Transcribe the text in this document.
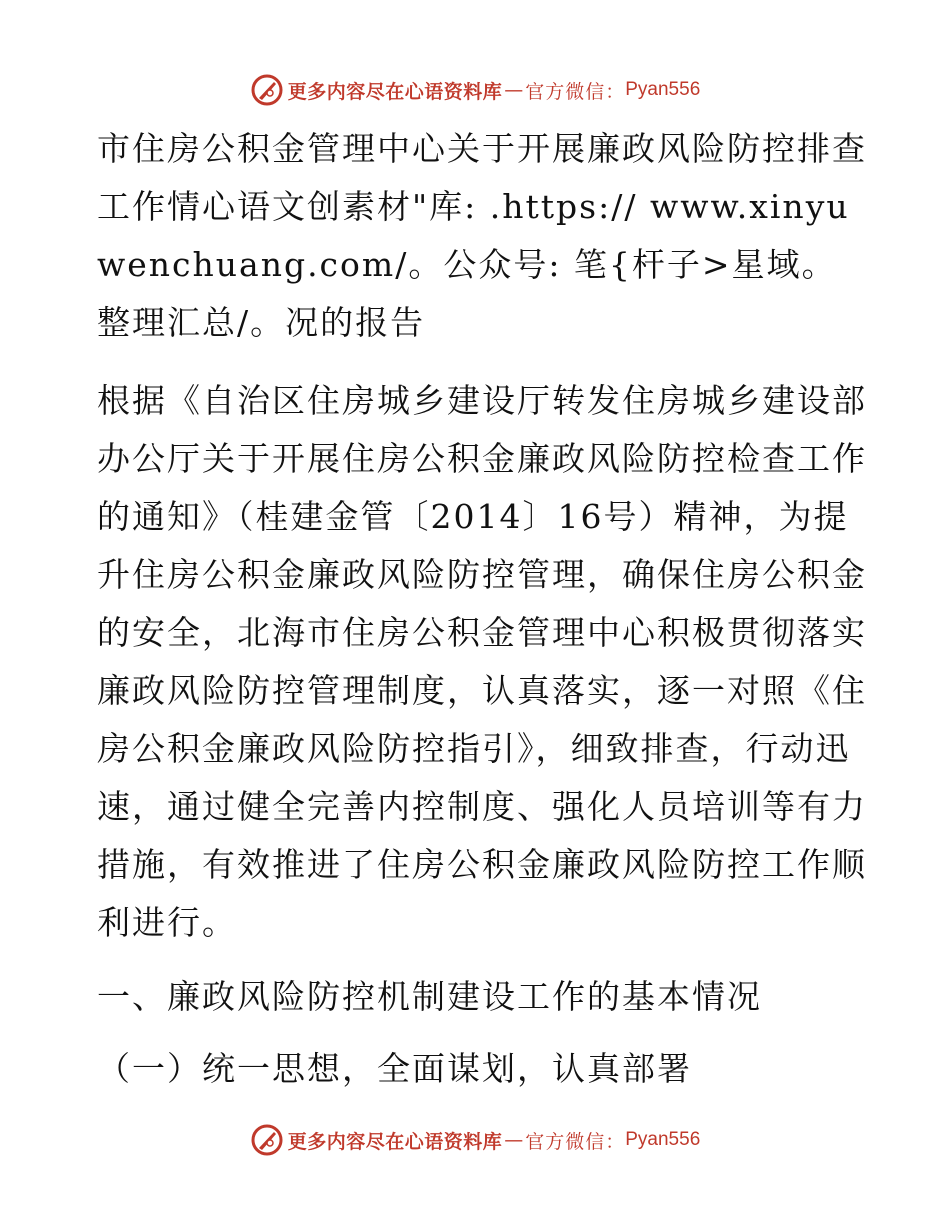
更多内容尽在心语资料库 — 官方微信： Pyan556
市住房公积金管理中心关于开展廉政风险防控排查工作情心语文创素材"库: .https:// www.xinyuwenchuang.com/。公众号: 笔{杆子>星域。整理汇总/。况的报告
根据《自治区住房城乡建设厅转发住房城乡建设部办公厅关于开展住房公积金廉政风险防控检查工作的通知》（桂建金管〔2014〕16号）精神，为提升住房公积金廉政风险防控管理，确保住房公积金的安全，北海市住房公积金管理中心积极贯彻落实廉政风险防控管理制度，认真落实，逐一对照《住房公积金廉政风险防控指引》，细致排查，行动迅速，通过健全完善内控制度、强化人员培训等有力措施，有效推进了住房公积金廉政风险防控工作顺利进行。
一、廉政风险防控机制建设工作的基本情况
（一）统一思想，全面谋划，认真部署
更多内容尽在心语资料库 — 官方微信： Pyan556
